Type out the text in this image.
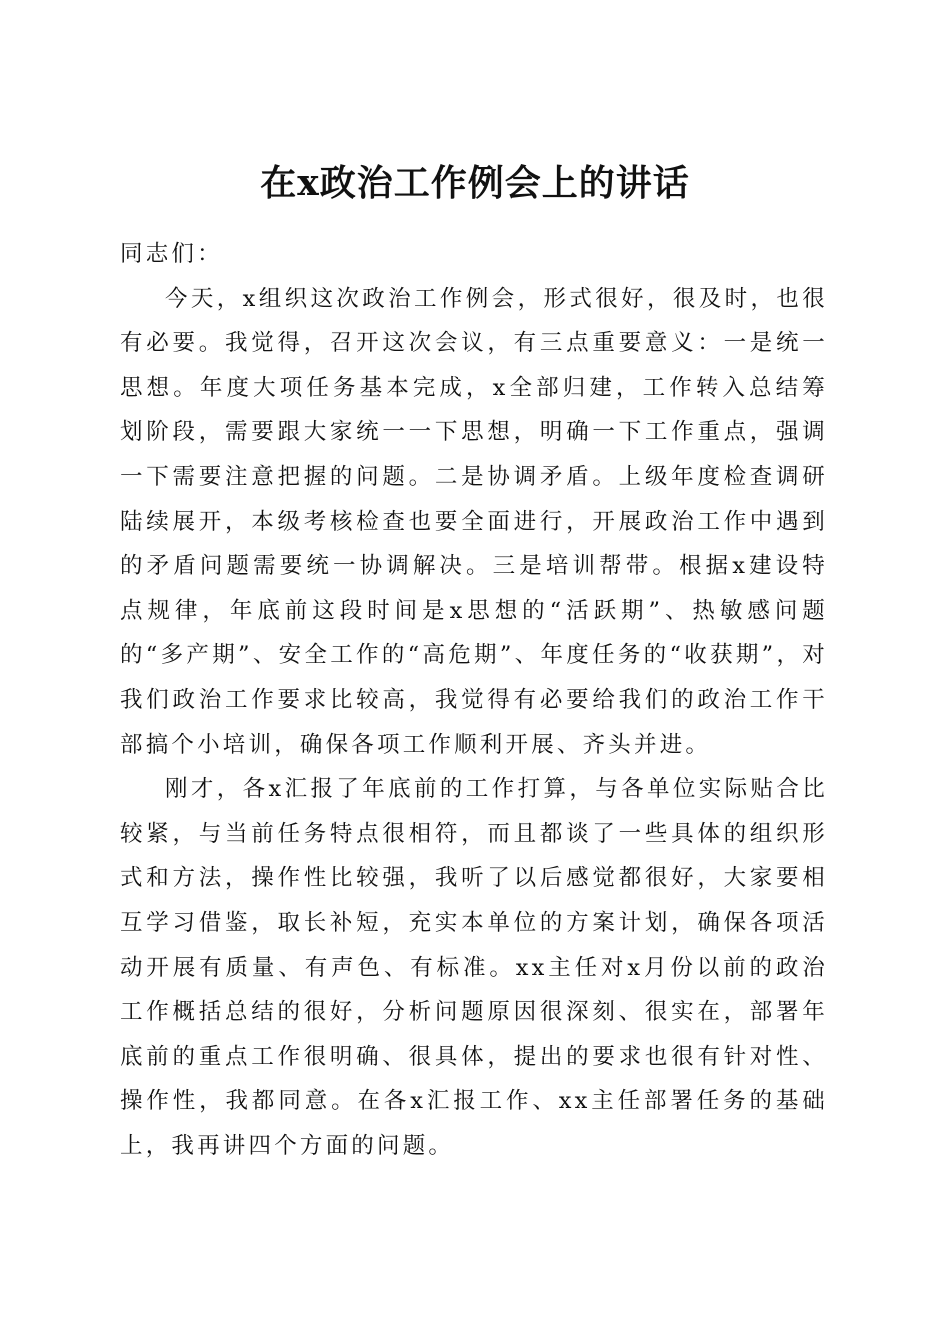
在x政治工作例会上的讲话

同志们：

今天，x组织这次政治工作例会，形式很好，很及时，也很有必要。我觉得，召开这次会议，有三点重要意义：一是统一思想。年度大项任务基本完成，x全部归建，工作转入总结筹划阶段，需要跟大家统一一下思想，明确一下工作重点，强调一下需要注意把握的问题。二是协调矛盾。上级年度检查调研陆续展开，本级考核检查也要全面进行，开展政治工作中遇到的矛盾问题需要统一协调解决。三是培训帮带。根据x建设特点规律，年底前这段时间是x思想的“活跃期”、热敏感问题的“多产期”、安全工作的“高危期”、年度任务的“收获期”，对我们政治工作要求比较高，我觉得有必要给我们的政治工作干部搞个小培训，确保各项工作顺利开展、齐头并进。

刚才，各x汇报了年底前的工作打算，与各单位实际贴合比较紧，与当前任务特点很相符，而且都谈了一些具体的组织形式和方法，操作性比较强，我听了以后感觉都很好，大家要相互学习借鉴，取长补短，充实本单位的方案计划，确保各项活动开展有质量、有声色、有标准。xx主任对x月份以前的政治工作概括总结的很好，分析问题原因很深刻、很实在，部署年底前的重点工作很明确、很具体，提出的要求也很有针对性、操作性，我都同意。在各x汇报工作、xx主任部署任务的基础上，我再讲四个方面的问题。
